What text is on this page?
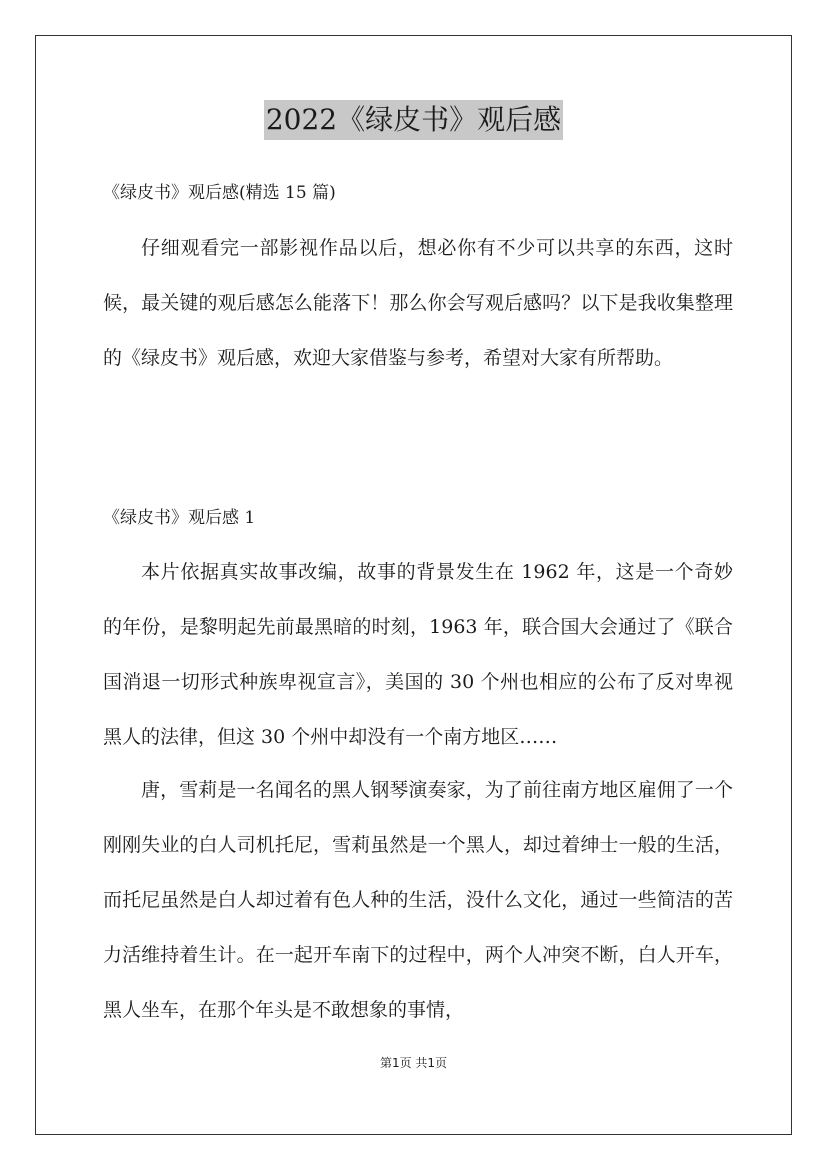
2022《绿皮书》观后感
《绿皮书》观后感(精选 15 篇)
仔细观看完一部影视作品以后，想必你有不少可以共享的东西，这时候，最关键的观后感怎么能落下！那么你会写观后感吗？以下是我收集整理的《绿皮书》观后感，欢迎大家借鉴与参考，希望对大家有所帮助。
《绿皮书》观后感 1
本片依据真实故事改编，故事的背景发生在 1962 年，这是一个奇妙的年份，是黎明起先前最黑暗的时刻，1963 年，联合国大会通过了《联合国消退一切形式种族卑视宣言》，美国的 30 个州也相应的公布了反对卑视黑人的法律，但这 30 个州中却没有一个南方地区……
唐，雪莉是一名闻名的黑人钢琴演奏家，为了前往南方地区雇佣了一个刚刚失业的白人司机托尼，雪莉虽然是一个黑人，却过着绅士一般的生活，而托尼虽然是白人却过着有色人种的生活，没什么文化，通过一些简洁的苦力活维持着生计。在一起开车南下的过程中，两个人冲突不断，白人开车，黑人坐车，在那个年头是不敢想象的事情，
第1页 共1页
